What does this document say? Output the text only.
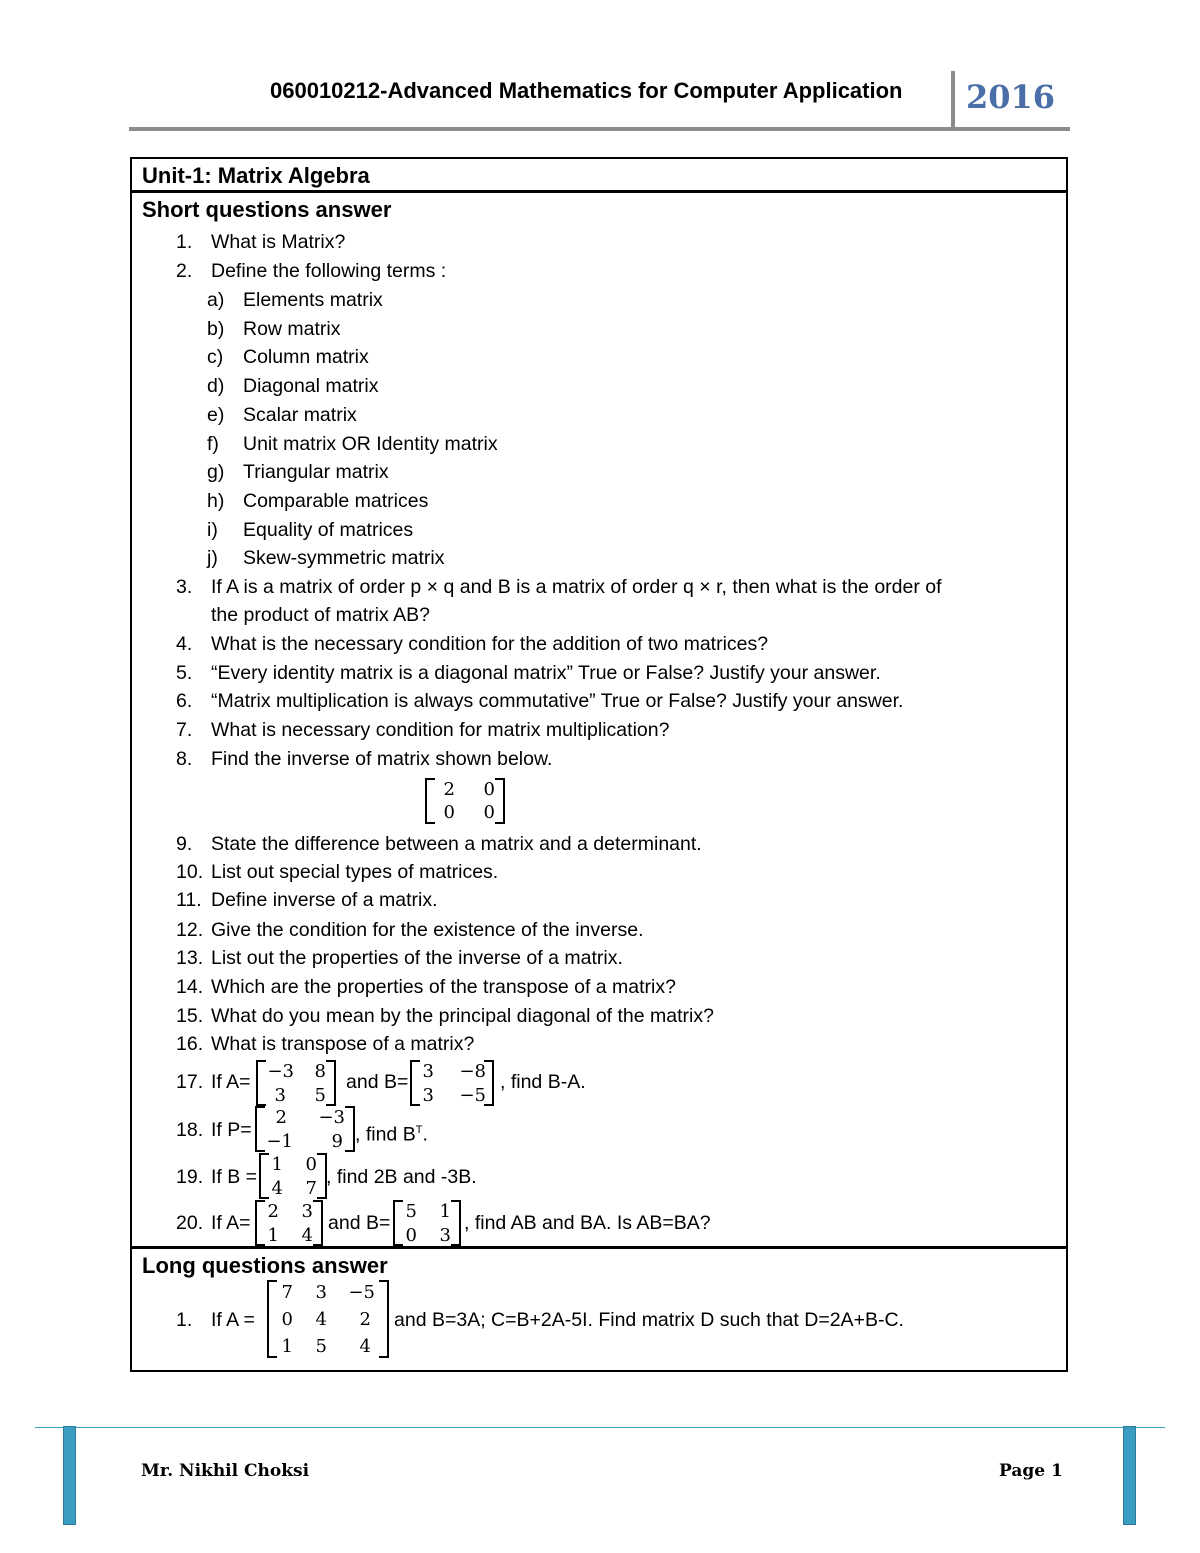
060010212-Advanced Mathematics for Computer Application	2016
Unit-1: Matrix Algebra
Short questions answer
Long questions answer
1. What is Matrix?
2. Define the following terms :
a) Elements matrix
b) Row matrix
c) Column matrix
d) Diagonal matrix
e) Scalar matrix
f) Unit matrix OR Identity matrix
g) Triangular matrix
h) Comparable matrices
i) Equality of matrices
j) Skew-symmetric matrix
3. If A is a matrix of order p × q and B is a matrix of order q × r, then what is the order of
the product of matrix AB?
4. What is the necessary condition for the addition of two matrices?
5. “Every identity matrix is a diagonal matrix” True or False? Justify your answer.
6. “Matrix multiplication is always commutative” True or False? Justify your answer.
7. What is necessary condition for matrix multiplication?
8. Find the inverse of matrix shown below.
2	0
0	0
9. State the difference between a matrix and a determinant.
10. List out special types of matrices.
11. Define inverse of a matrix.
12. Give the condition for the existence of the inverse.
13. List out the properties of the inverse of a matrix.
14. Which are the properties of the transpose of a matrix?
15. What do you mean by the principal diagonal of the matrix?
16. What is transpose of a matrix?
17. If A=	and B=	, find B-A.
−3	8
3	5
3	−8
3	−5
18. If P=	, find $B^T$.
2	−3
−1	9
19. If B =	, find 2B and -3B.
1	0
4	7
20. If A=	and B=	, find AB and BA. Is AB=BA?
2	3
1	4
5	1
0	3
1. If A =	and B=3A; C=B+2A-5I. Find matrix D such that D=2A+B-C.
7	3	−5
0	4	2
1	5	4
Mr. Nikhil Choksi	Page 1
